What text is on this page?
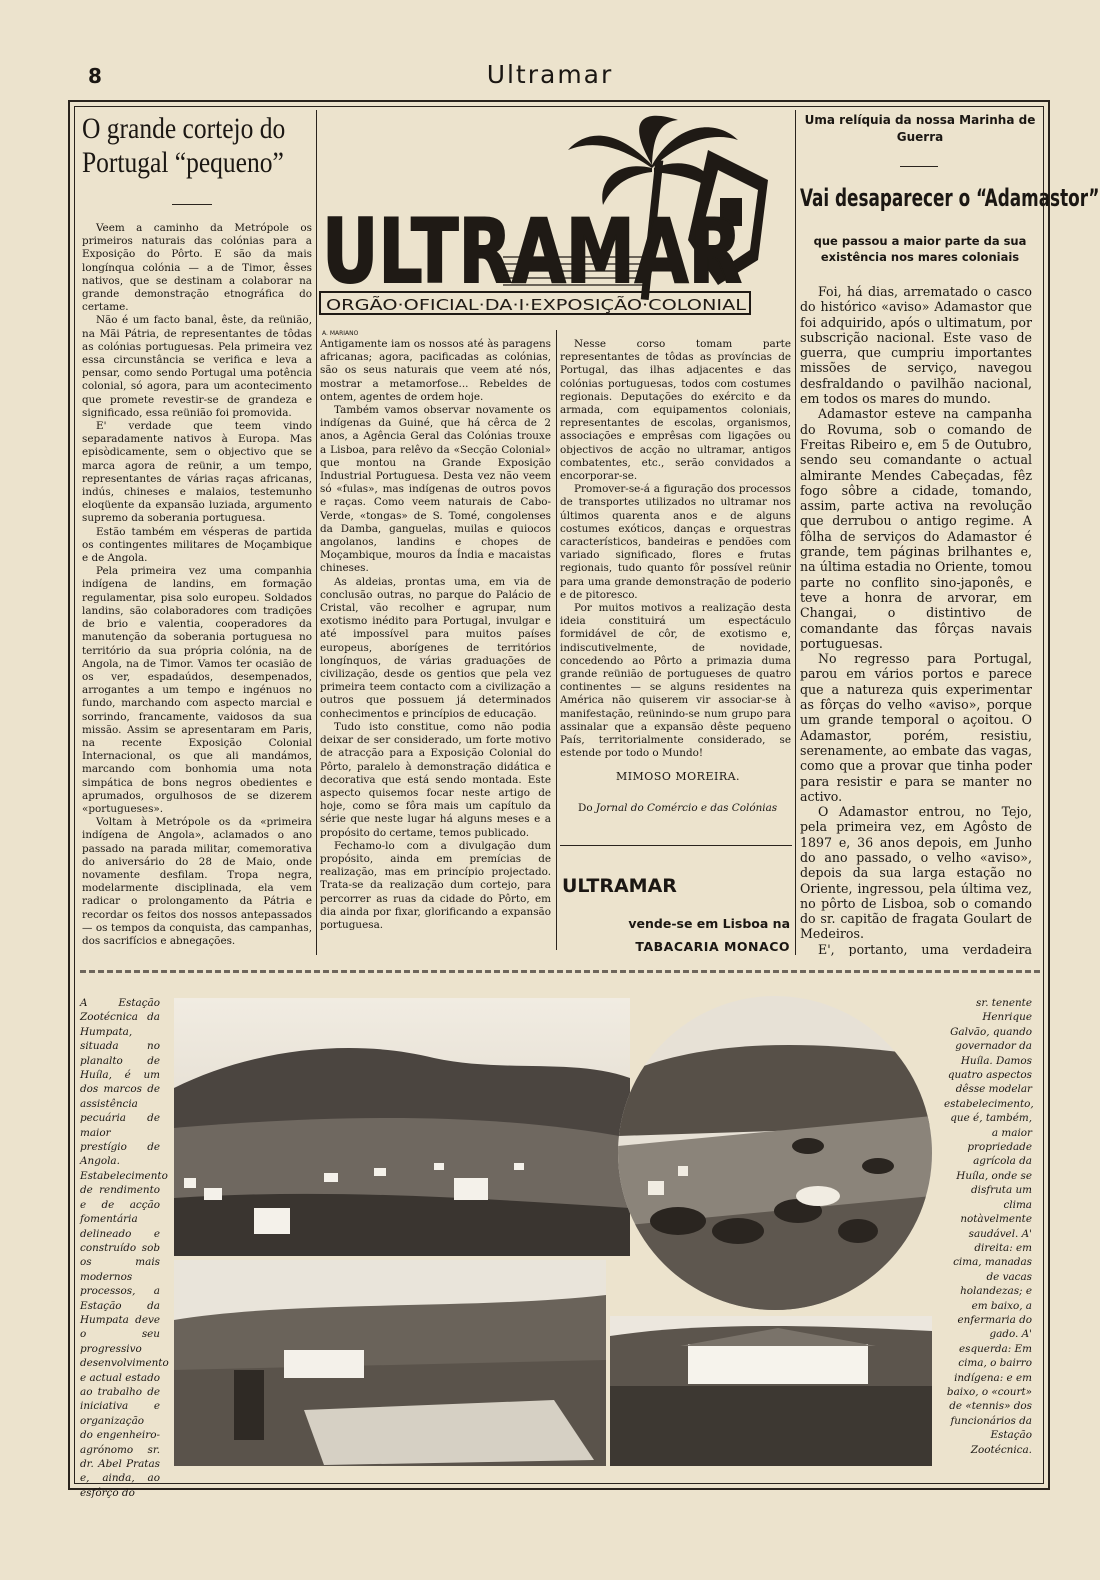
8	Ultramar
O grande cortejo do
Portugal “pequeno”

Veem a caminho da Metrópole os primeiros naturais das colónias para a Exposição do Pôrto. E são da mais longínqua colónia — a de Timor, êsses nativos, que se destinam a colaborar na grande demonstração etnográfica do certame.

Não é um facto banal, êste, da reünião, na Mãi Pátria, de representantes de tôdas as colónias portuguesas. Pela primeira vez essa circunstância se verifica e leva a pensar, como sendo Portugal uma potência colonial, só agora, para um acontecimento que promete revestir-se de grandeza e significado, essa reünião foi promovida.

E' verdade que teem vindo separadamente nativos à Europa. Mas episòdicamente, sem o objectivo que se marca agora de reünir, a um tempo, representantes de várias raças africanas, indús, chineses e malaios, testemunho eloqüente da expansão luziada, argumento supremo da soberania portuguesa.

Estão também em vésperas de partida os contingentes militares de Moçambique e de Angola.

Pela primeira vez uma companhia indígena de landins, em formação regulamentar, pisa solo europeu. Soldados landins, são colaboradores com tradições de brio e valentia, cooperadores da manutenção da soberania portuguesa no território da sua própria colónia, na de Angola, na de Timor. Vamos ter ocasião de os ver, espadaúdos, desempenados, arrogantes a um tempo e ingénuos no fundo, marchando com aspecto marcial e sorrindo, francamente, vaidosos da sua missão. Assim se apresentaram em Paris, na recente Exposição Colonial Internacional, os que ali mandámos, marcando com bonhomia uma nota simpática de bons negros obedientes e aprumados, orgulhosos de se dizerem «portugueses».

Voltam à Metrópole os da «primeira indígena de Angola», aclamados o ano passado na parada militar, comemorativa do aniversário do 28 de Maio, onde novamente desfilam. Tropa negra, modelarmente disciplinada, ela vem radicar o prolongamento da Pátria e recordar os feitos dos nossos antepassados — os tempos da conquista, das campanhas, dos sacrifícios e abnegações.

ULTRAMAR
ORGÃO·OFICIAL·DA·I·EXPOSIÇÃO·COLONIAL
A. MARIANO

Antigamente iam os nossos até às paragens africanas; agora, pacificadas as colónias, são os seus naturais que veem até nós, mostrar a metamorfose... Rebeldes de ontem, agentes de ordem hoje.

Também vamos observar novamente os indígenas da Guiné, que há cêrca de 2 anos, a Agência Geral das Colónias trouxe a Lisboa, para relêvo da «Secção Colonial» que montou na Grande Exposição Industrial Portuguesa. Desta vez não veem só «fulas», mas indígenas de outros povos e raças. Como veem naturais de Cabo-Verde, «tongas» de S. Tomé, congolenses da Damba, ganguelas, muilas e quiocos angolanos, landins e chopes de Moçambique, mouros da Índia e macaistas chineses.

As aldeias, prontas uma, em via de conclusão outras, no parque do Palácio de Cristal, vão recolher e agrupar, num exotismo inédito para Portugal, invulgar e até impossível para muitos países europeus, aborígenes de territórios longínquos, de várias graduações de civilização, desde os gentios que pela vez primeira teem contacto com a civilização a outros que possuem já determinados conhecimentos e princípios de educação.

Tudo isto constitue, como não podia deixar de ser considerado, um forte motivo de atracção para a Exposição Colonial do Pôrto, paralelo à demonstração didática e decorativa que está sendo montada. Este aspecto quisemos focar neste artigo de hoje, como se fôra mais um capítulo da série que neste lugar há alguns meses e a propósito do certame, temos publicado.

Fechamo-lo com a divulgação dum propósito, ainda em premícias de realização, mas em princípio projectado. Trata-se da realização dum cortejo, para percorrer as ruas da cidade do Pôrto, em dia ainda por fixar, glorificando a expansão portuguesa.

Nesse corso tomam parte representantes de tôdas as províncias de Portugal, das ilhas adjacentes e das colónias portuguesas, todos com costumes regionais. Deputações do exército e da armada, com equipamentos coloniais, representantes de escolas, organismos, associações e emprêsas com ligações ou objectivos de acção no ultramar, antigos combatentes, etc., serão convidados a encorporar-se.

Promover-se-á a figuração dos processos de transportes utilizados no ultramar nos últimos quarenta anos e de alguns costumes exóticos, danças e orquestras característicos, bandeiras e pendões com variado significado, flores e frutas regionais, tudo quanto fôr possível reünir para uma grande demonstração de poderio e de pitoresco.

Por muitos motivos a realização desta ideia constituirá um espectáculo formidável de côr, de exotismo e, indiscutivelmente, de novidade, concedendo ao Pôrto a primazia duma grande reünião de portugueses de quatro continentes — se alguns residentes na América não quiserem vir associar-se à manifestação, reünindo-se num grupo para assinalar que a expansão dêste pequeno País, territorialmente considerado, se estende por todo o Mundo!

MIMOSO MOREIRA.
Do Jornal do Comércio e das Colónias
ULTRAMAR
vende-se em Lisboa na
TABACARIA MONACO
Uma relíquia da nossa Marinha de Guerra
Vai desaparecer o “Adamastor”
que passou a maior parte da sua existência nos mares coloniais

Foi, há dias, arrematado o casco do histórico «aviso» Adamastor que foi adquirido, após o ultimatum, por subscrição nacional. Este vaso de guerra, que cumpriu importantes missões de serviço, navegou desfraldando o pavilhão nacional, em todos os mares do mundo.

Adamastor esteve na campanha do Rovuma, sob o comando de Freitas Ribeiro e, em 5 de Outubro, sendo seu comandante o actual almirante Mendes Cabeçadas, fêz fogo sôbre a cidade, tomando, assim, parte activa na revolução que derrubou o antigo regime. A fôlha de serviços do Adamastor é grande, tem páginas brilhantes e, na última estadia no Oriente, tomou parte no conflito sino-japonês, e teve a honra de arvorar, em Changai, o distintivo de comandante das fôrças navais portuguesas.

No regresso para Portugal, parou em vários portos e parece que a natureza quis experimentar as fôrças do velho «aviso», porque um grande temporal o açoitou. O Adamastor, porém, resistiu, serenamente, ao embate das vagas, como que a provar que tinha poder para resistir e para se manter no activo.

O Adamastor entrou, no Tejo, pela primeira vez, em Agôsto de 1897 e, 36 anos depois, em Junho do ano passado, o velho «aviso», depois da sua larga estação no Oriente, ingressou, pela última vez, no pôrto de Lisboa, sob o comando do sr. capitão de fragata Goulart de Medeiros.

E', portanto, uma verdadeira

A Estação Zootécnica da Humpata, situada no planalto de Huíla, é um dos marcos de assistência pecuária de maior prestígio de Angola. Estabelecimento de rendimento e de acção fomentária delineado e construído sob os mais modernos processos, a Estação da Humpata deve o seu progressivo desenvolvimento e actual estado ao trabalho de iniciativa e organização do engenheiro-agrónomo sr. dr. Abel Pratas e, ainda, ao esfôrço do
sr. tenente Henrique Galvão, quando governador da Huíla. Damos quatro aspectos dêsse modelar estabelecimento, que é, também, a maior propriedade agrícola da Huíla, onde se disfruta um clima notàvelmente saudável. A' direita: em cima, manadas de vacas holandezas; e em baixo, a enfermaria do gado. A' esquerda: Em cima, o bairro indígena: e em baixo, o «court» de «tennis» dos funcionários da Estação Zootécnica.
